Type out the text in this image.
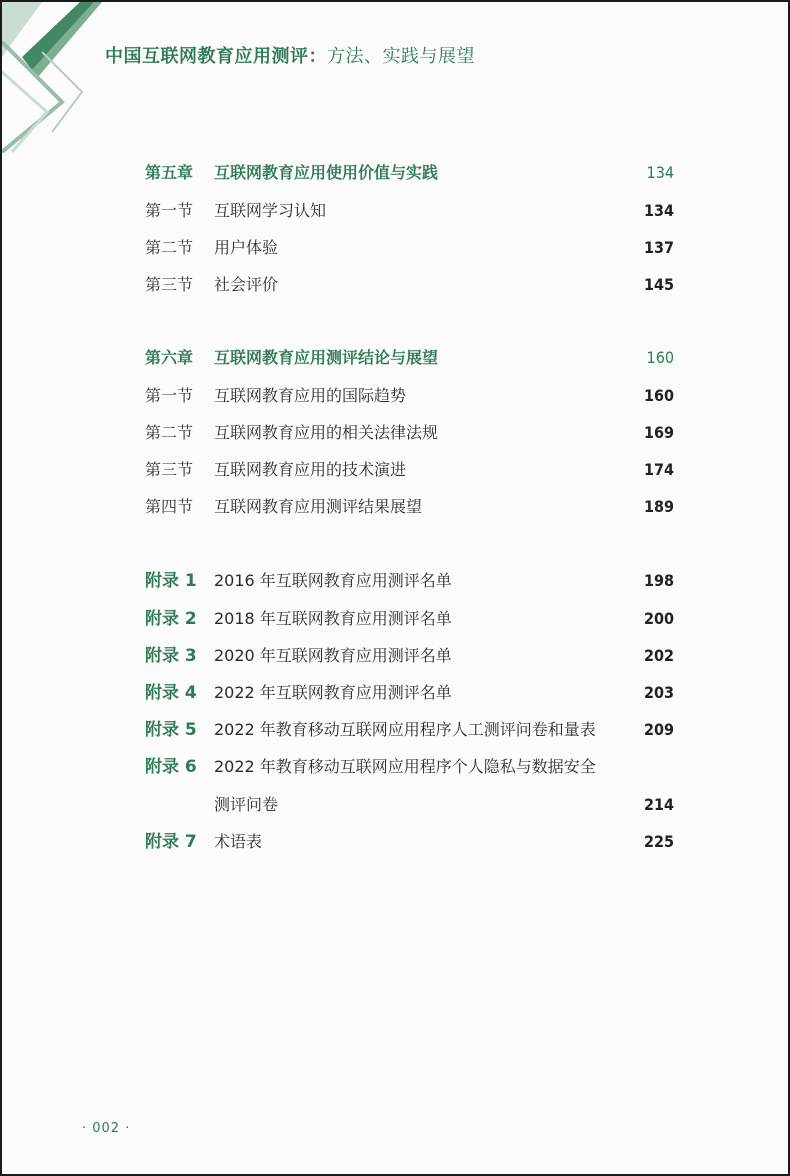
中国互联网教育应用测评：方法、实践与展望
第五章 互联网教育应用使用价值与实践	134
第一节 互联网学习认知	134
第二节 用户体验	137
第三节 社会评价	145
第六章 互联网教育应用测评结论与展望	160
第一节 互联网教育应用的国际趋势	160
第二节 互联网教育应用的相关法律法规	169
第三节 互联网教育应用的技术演进	174
第四节 互联网教育应用测评结果展望	189
附录 1 2016 年互联网教育应用测评名单	198
附录 2 2018 年互联网教育应用测评名单	200
附录 3 2020 年互联网教育应用测评名单	202
附录 4 2022 年互联网教育应用测评名单	203
附录 5 2022 年教育移动互联网应用程序人工测评问卷和量表	209
附录 6 2022 年教育移动互联网应用程序个人隐私与数据安全
测评问卷	214
附录 7 术语表	225
· 002 ·
